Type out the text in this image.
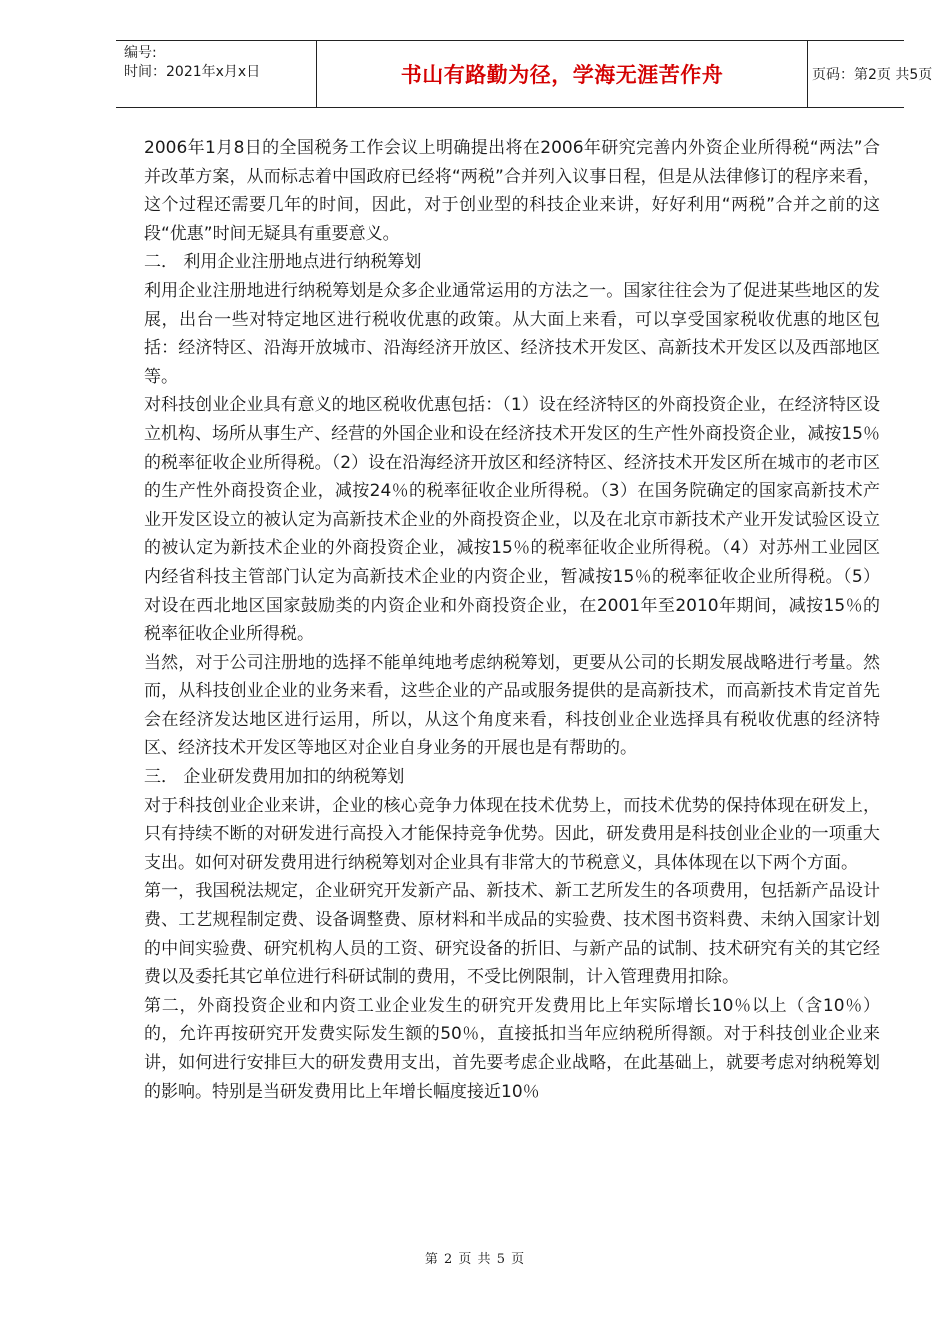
编号:
时间：2021年x月x日	书山有路勤为径，学海无涯苦作舟	页码：第2页 共5页

2006年1月8日的全国税务工作会议上明确提出将在2006年研究完善内外资企业所得税“两法”合并改革方案，从而标志着中国政府已经将“两税”合并列入议事日程，但是从法律修订的程序来看，这个过程还需要几年的时间，因此，对于创业型的科技企业来讲，好好利用“两税”合并之前的这段“优惠”时间无疑具有重要意义。

二． 利用企业注册地点进行纳税筹划

利用企业注册地进行纳税筹划是众多企业通常运用的方法之一。国家往往会为了促进某些地区的发展，出台一些对特定地区进行税收优惠的政策。从大面上来看，可以享受国家税收优惠的地区包括：经济特区、沿海开放城市、沿海经济开放区、经济技术开发区、高新技术开发区以及西部地区等。

对科技创业企业具有意义的地区税收优惠包括：（1）设在经济特区的外商投资企业，在经济特区设立机构、场所从事生产、经营的外国企业和设在经济技术开发区的生产性外商投资企业，减按15％的税率征收企业所得税。（2）设在沿海经济开放区和经济特区、经济技术开发区所在城市的老市区的生产性外商投资企业，减按24％的税率征收企业所得税。（3）在国务院确定的国家高新技术产业开发区设立的被认定为高新技术企业的外商投资企业，以及在北京市新技术产业开发试验区设立的被认定为新技术企业的外商投资企业，减按15％的税率征收企业所得税。（4）对苏州工业园区内经省科技主管部门认定为高新技术企业的内资企业，暂减按15％的税率征收企业所得税。（5）对设在西北地区国家鼓励类的内资企业和外商投资企业，在2001年至2010年期间，减按15％的税率征收企业所得税。

当然，对于公司注册地的选择不能单纯地考虑纳税筹划，更要从公司的长期发展战略进行考量。然而，从科技创业企业的业务来看，这些企业的产品或服务提供的是高新技术，而高新技术肯定首先会在经济发达地区进行运用，所以，从这个角度来看，科技创业企业选择具有税收优惠的经济特区、经济技术开发区等地区对企业自身业务的开展也是有帮助的。

三． 企业研发费用加扣的纳税筹划

对于科技创业企业来讲，企业的核心竞争力体现在技术优势上，而技术优势的保持体现在研发上，只有持续不断的对研发进行高投入才能保持竞争优势。因此，研发费用是科技创业企业的一项重大支出。如何对研发费用进行纳税筹划对企业具有非常大的节税意义，具体体现在以下两个方面。

第一，我国税法规定，企业研究开发新产品、新技术、新工艺所发生的各项费用，包括新产品设计费、工艺规程制定费、设备调整费、原材料和半成品的实验费、技术图书资料费、未纳入国家计划的中间实验费、研究机构人员的工资、研究设备的折旧、与新产品的试制、技术研究有关的其它经费以及委托其它单位进行科研试制的费用，不受比例限制，计入管理费用扣除。

第二，外商投资企业和内资工业企业发生的研究开发费用比上年实际增长10％以上（含10％）的，允许再按研究开发费实际发生额的50％，直接抵扣当年应纳税所得额。对于科技创业企业来讲，如何进行安排巨大的研发费用支出，首先要考虑企业战略，在此基础上，就要考虑对纳税筹划的影响。特别是当研发费用比上年增长幅度接近10％

第 2 页 共 5 页
